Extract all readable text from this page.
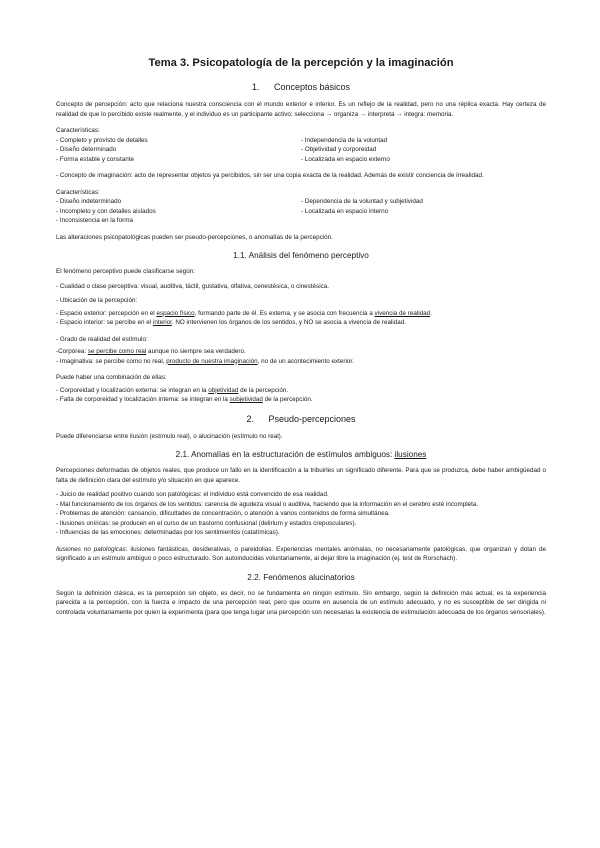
Tema 3. Psicopatología de la percepción y la imaginación
1. Conceptos básicos

Concepto de percepción: acto que relaciona nuestra consciencia con el mundo exterior e interior. Es un reflejo de la realidad, pero no una réplica exacta. Hay certeza de realidad de que lo percibido existe realmente, y el individuo es un participante activo: selecciona → organiza → interpreta → integra: memoria.

Características:

- Completo y provisto de detalles
- Diseño determinado
- Forma estable y constante
- Independencia de la voluntad
- Objetividad y corporeidad
- Localizada en espacio externo

- Concepto de imaginación: acto de representar objetos ya percibidos, sin ser una copia exacta de la realidad. Además de existir conciencia de irrealidad.

Características:

- Diseño indeterminado
- Incompleto y con detalles aislados
- Inconsistencia en la forma
- Dependencia de la voluntad y subjetividad
- Localizada en espacio interno

Las alteraciones psicopatológicas pueden ser pseudo-percepciones, o anomalías de la percepción.

1.1. Análisis del fenómeno perceptivo

El fenómeno perceptivo puede clasificarse según:

- Cualidad o clase perceptiva: visual, auditiva, táctil, gustativa, olfativa, cenestésica, o cinestésica.

- Ubicación de la percepción:

- Espacio exterior: percepción en el espacio físico, formando parte de él. Es externa, y se asocia con frecuencia a vivencia de realidad.

- Espacio interior: se percibe en el interior. NO intervienen los órganos de los sentidos, y NO se asocia a vivencia de realidad.

- Grado de realidad del estímulo:

-Corpórea: se percibe como real aunque no siempre sea verdadero.

- Imaginativa: se percibe como no real, producto de nuestra imaginación, no de un acontecimiento exterior.

Puede haber una combinación de ellas:

- Corporeidad y localización externa: se integran en la objetividad de la percepción.

- Falta de corporeidad y localización interna: se integran en la subjetividad de la percepción.

2. Pseudo-percepciones

Puede diferenciarse entre ilusión (estímulo real), o alucinación (estímulo no real).

2.1. Anomalías en la estructuración de estímulos ambiguos: ilusiones

Percepciones deformadas de objetos reales, que produce un fallo en la identificación a la tribuirles un significado diferente. Para que se produzca, debe haber ambigüedad o falta de definición clara del estímulo y/o situación en que aparece.

- Juicio de realidad positivo cuando son patológicas: el individuo está convencido de esa realidad.

- Mal funcionamiento de los órganos de los sentidos: carencia de agudeza visual o auditiva, haciendo que la información en el cerebro esté incompleta.

- Problemas de atención: cansancio, dificultades de concentración, o atención a varios contenidos de forma simultánea.

- Ilusiones oníricas: se producen en el curso de un trastorno confusional (delirium y estados crepusculares).

- Influencias de las emociones: determinadas por los sentimientos (catatímicas).

Ilusiones no patológicas: ilusiones fantásticas, desiderativas, o pareidolias. Experiencias mentales anómalas, no necesariamente patológicas, que organizan y dotan de significado a un estímulo ambiguo o poco estructurado. Son autoinducidas voluntariamente, al dejar libre la imaginación (ej. test de Rorschach).

2.2. Fenómenos alucinatorios

Según la definición clásica, es la percepción sin objeto, es decir, no se fundamenta en ningún estímulo. Sin embargo, según la definición más actual, es la experiencia parecida a la percepción, con la fuerza e impacto de una percepción real, pero que ocurre en ausencia de un estímulo adecuado, y no es susceptible de ser dirigida ni controlada voluntariamente por quien la experimenta (para que tenga lugar una percepción son necesarias la existencia de estimulación adecuada de los órganos sensoriales).
